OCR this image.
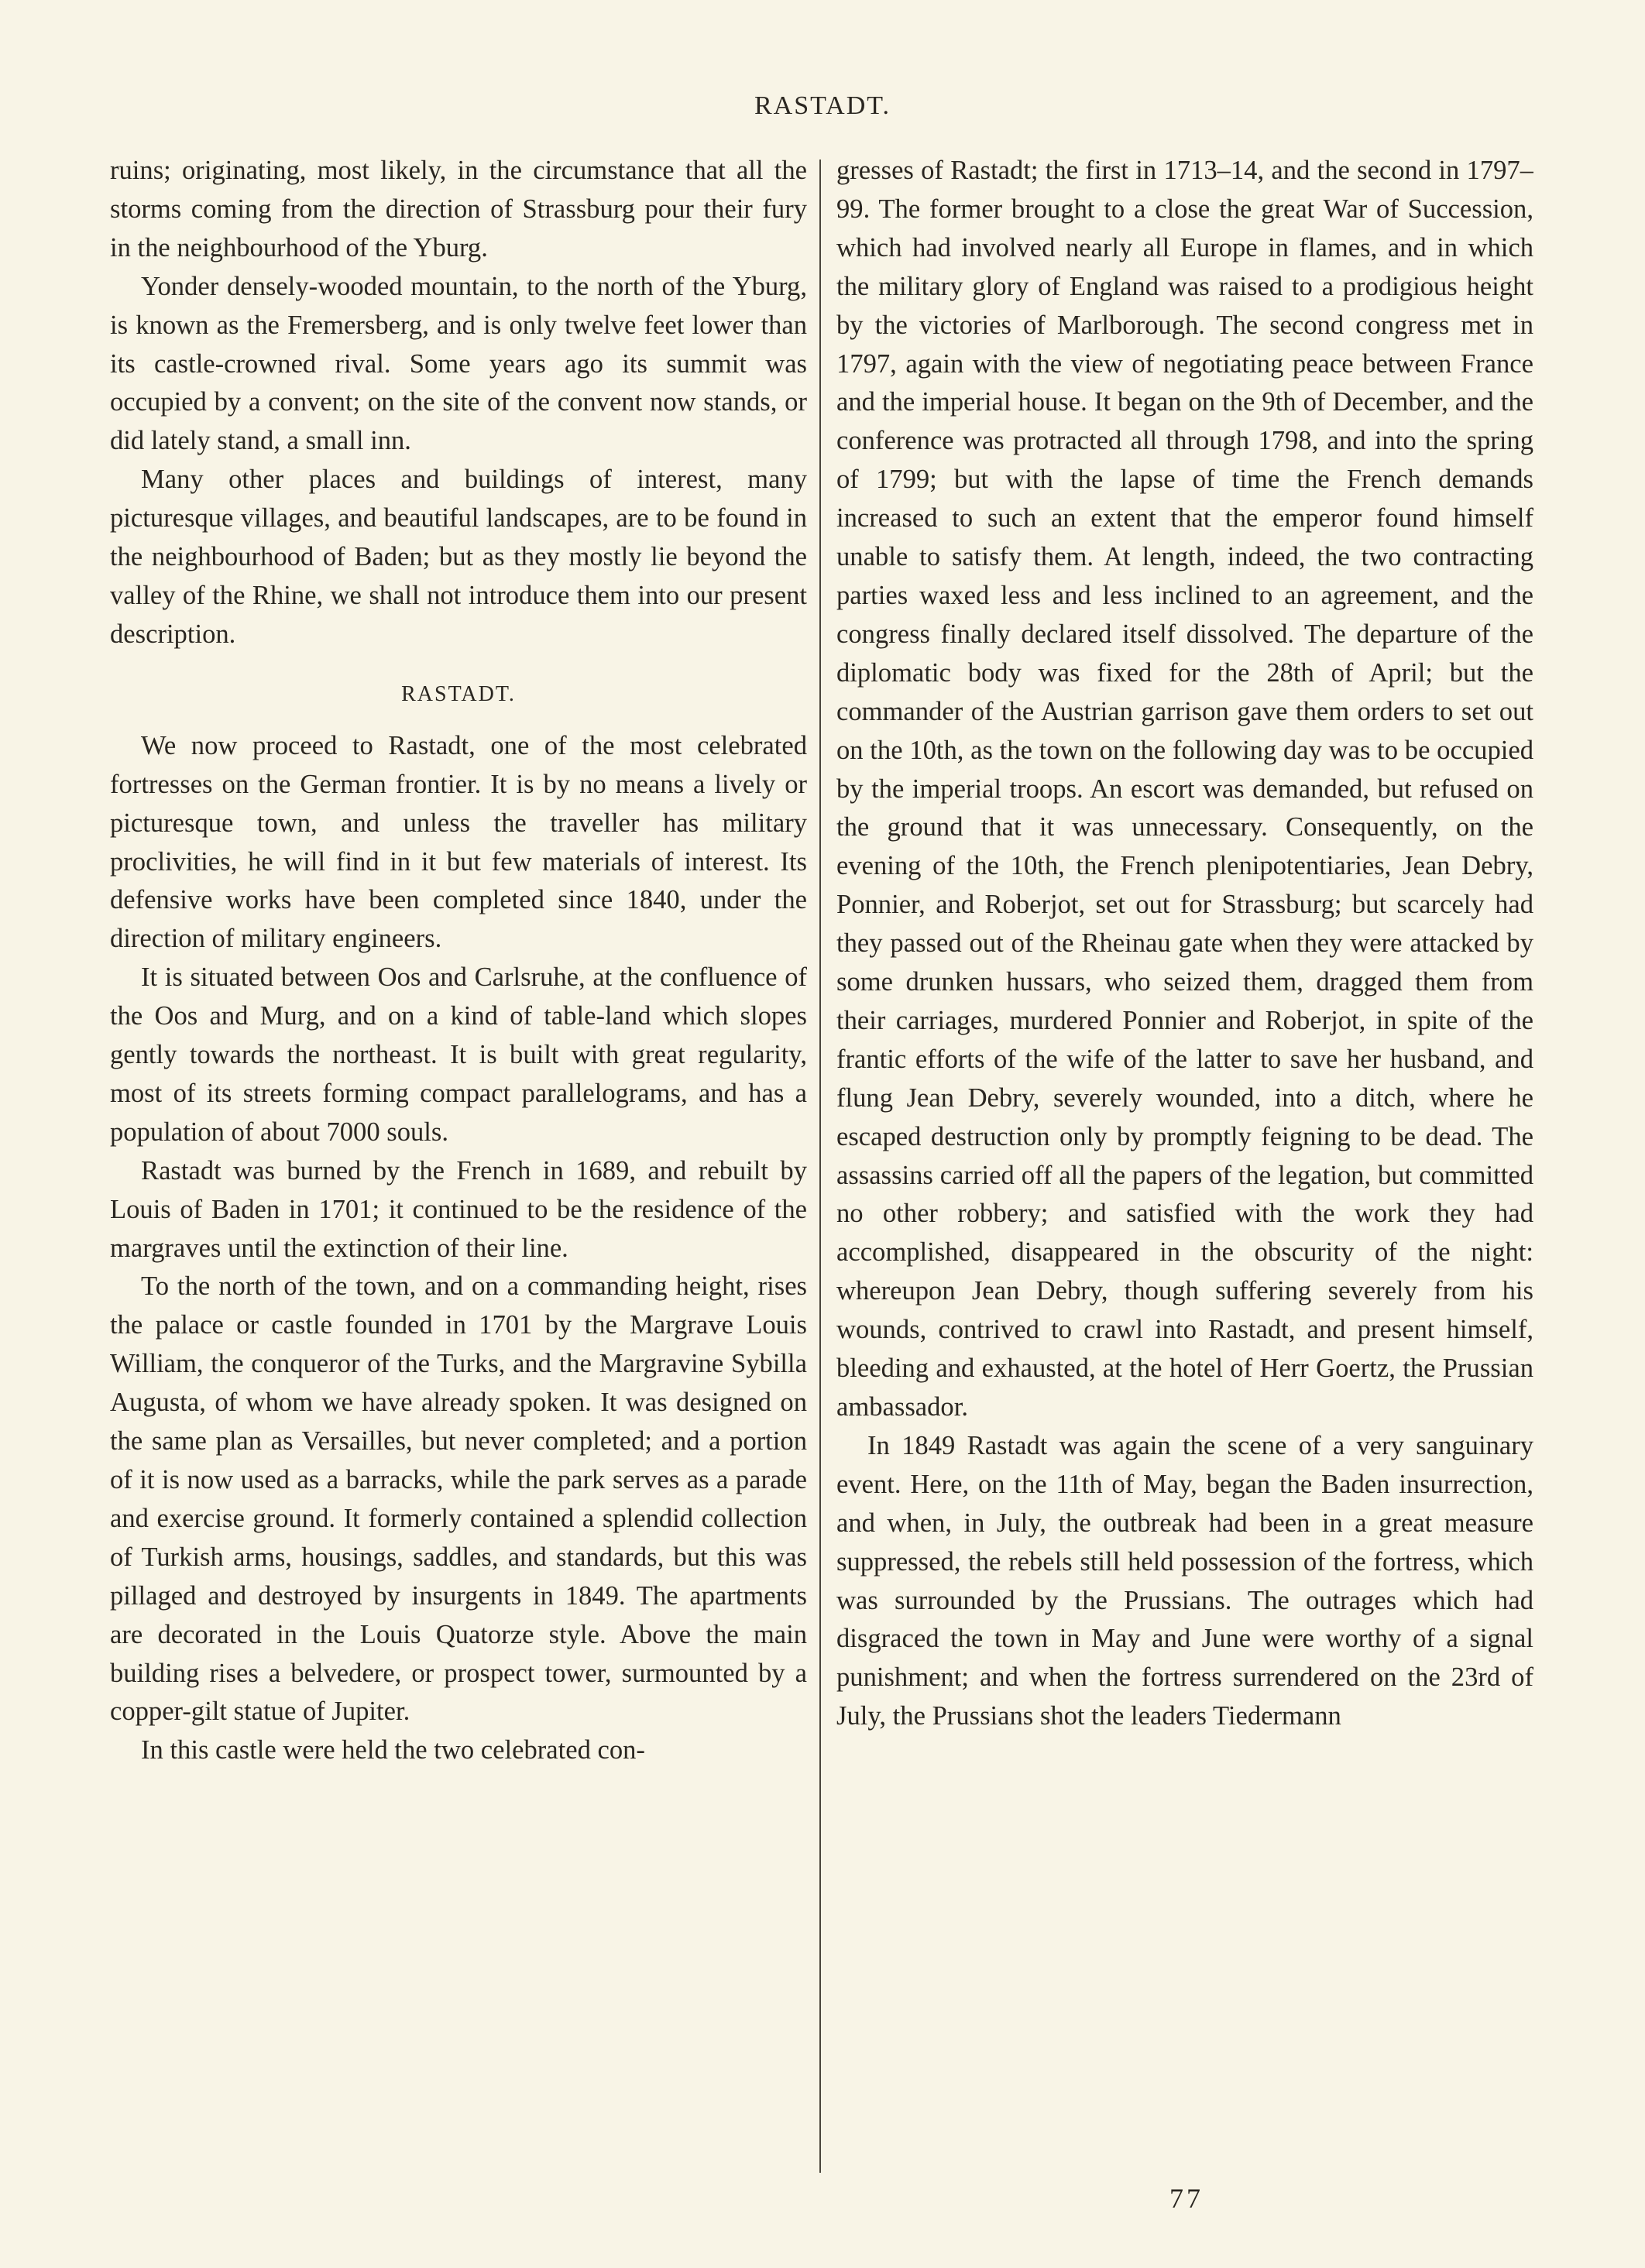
RASTADT.

ruins; originating, most likely, in the circumstance that all the storms coming from the direction of Strassburg pour their fury in the neighbourhood of the Yburg.

Yonder densely-wooded mountain, to the north of the Yburg, is known as the Fremersberg, and is only twelve feet lower than its castle-crowned rival. Some years ago its summit was occupied by a convent; on the site of the convent now stands, or did lately stand, a small inn.

Many other places and buildings of interest, many picturesque villages, and beautiful landscapes, are to be found in the neighbourhood of Baden; but as they mostly lie beyond the valley of the Rhine, we shall not introduce them into our present description.

RASTADT.

We now proceed to Rastadt, one of the most celebrated fortresses on the German frontier. It is by no means a lively or picturesque town, and unless the traveller has military proclivities, he will find in it but few materials of interest. Its defensive works have been completed since 1840, under the direction of military engineers.

It is situated between Oos and Carlsruhe, at the confluence of the Oos and Murg, and on a kind of table-land which slopes gently towards the northeast. It is built with great regularity, most of its streets forming compact parallelograms, and has a population of about 7000 souls.

Rastadt was burned by the French in 1689, and rebuilt by Louis of Baden in 1701; it continued to be the residence of the margraves until the extinction of their line.

To the north of the town, and on a commanding height, rises the palace or castle founded in 1701 by the Margrave Louis William, the conqueror of the Turks, and the Margravine Sybilla Augusta, of whom we have already spoken. It was designed on the same plan as Versailles, but never completed; and a portion of it is now used as a barracks, while the park serves as a parade and exercise ground. It formerly contained a splendid collection of Turkish arms, housings, saddles, and standards, but this was pillaged and destroyed by insurgents in 1849. The apartments are decorated in the Louis Quatorze style. Above the main building rises a belvedere, or prospect tower, surmounted by a copper-gilt statue of Jupiter.

In this castle were held the two celebrated con-

gresses of Rastadt; the first in 1713–14, and the second in 1797–99. The former brought to a close the great War of Succession, which had involved nearly all Europe in flames, and in which the military glory of England was raised to a prodigious height by the victories of Marlborough. The second congress met in 1797, again with the view of negotiating peace between France and the imperial house. It began on the 9th of December, and the conference was protracted all through 1798, and into the spring of 1799; but with the lapse of time the French demands increased to such an extent that the emperor found himself unable to satisfy them. At length, indeed, the two contracting parties waxed less and less inclined to an agreement, and the congress finally declared itself dissolved. The departure of the diplomatic body was fixed for the 28th of April; but the commander of the Austrian garrison gave them orders to set out on the 10th, as the town on the following day was to be occupied by the imperial troops. An escort was demanded, but refused on the ground that it was unnecessary. Consequently, on the evening of the 10th, the French plenipotentiaries, Jean Debry, Ponnier, and Roberjot, set out for Strassburg; but scarcely had they passed out of the Rheinau gate when they were attacked by some drunken hussars, who seized them, dragged them from their carriages, murdered Ponnier and Roberjot, in spite of the frantic efforts of the wife of the latter to save her husband, and flung Jean Debry, severely wounded, into a ditch, where he escaped destruction only by promptly feigning to be dead. The assassins carried off all the papers of the legation, but committed no other robbery; and satisfied with the work they had accomplished, disappeared in the obscurity of the night: whereupon Jean Debry, though suffering severely from his wounds, contrived to crawl into Rastadt, and present himself, bleeding and exhausted, at the hotel of Herr Goertz, the Prussian ambassador.

In 1849 Rastadt was again the scene of a very sanguinary event. Here, on the 11th of May, began the Baden insurrection, and when, in July, the outbreak had been in a great measure suppressed, the rebels still held possession of the fortress, which was surrounded by the Prussians. The outrages which had disgraced the town in May and June were worthy of a signal punishment; and when the fortress surrendered on the 23rd of July, the Prussians shot the leaders Tiedermann

77
